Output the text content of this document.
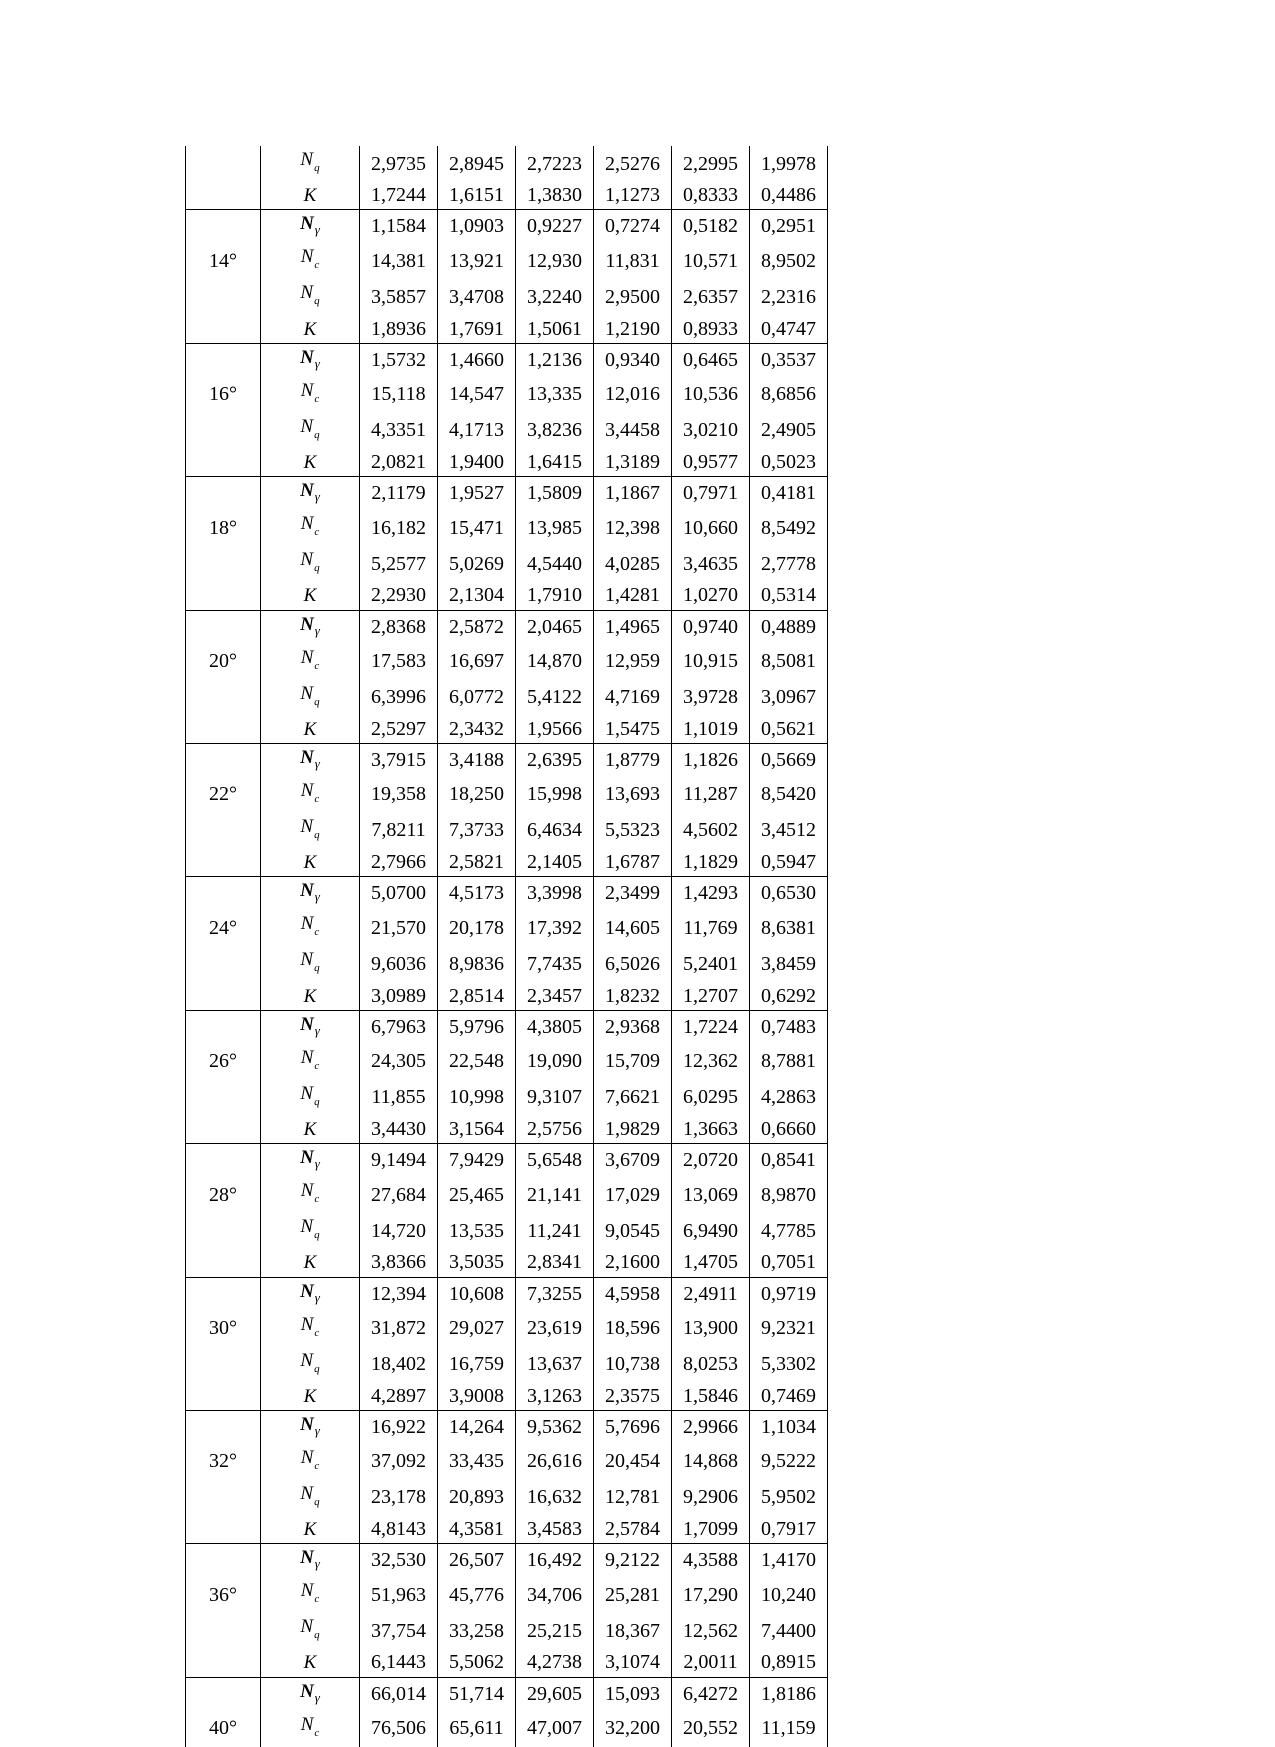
	$N_q$	2,9735	2,8945	2,7223	2,5276	2,2995	1,9978
	K	1,7244	1,6151	1,3830	1,1273	0,8333	0,4486
	$N_\gamma$	1,1584	1,0903	0,9227	0,7274	0,5182	0,2951
14°	$N_c$	14,381	13,921	12,930	11,831	10,571	8,9502
	$N_q$	3,5857	3,4708	3,2240	2,9500	2,6357	2,2316
	K	1,8936	1,7691	1,5061	1,2190	0,8933	0,4747
	$N_\gamma$	1,5732	1,4660	1,2136	0,9340	0,6465	0,3537
16°	$N_c$	15,118	14,547	13,335	12,016	10,536	8,6856
	$N_q$	4,3351	4,1713	3,8236	3,4458	3,0210	2,4905
	K	2,0821	1,9400	1,6415	1,3189	0,9577	0,5023
	$N_\gamma$	2,1179	1,9527	1,5809	1,1867	0,7971	0,4181
18°	$N_c$	16,182	15,471	13,985	12,398	10,660	8,5492
	$N_q$	5,2577	5,0269	4,5440	4,0285	3,4635	2,7778
	K	2,2930	2,1304	1,7910	1,4281	1,0270	0,5314
	$N_\gamma$	2,8368	2,5872	2,0465	1,4965	0,9740	0,4889
20°	$N_c$	17,583	16,697	14,870	12,959	10,915	8,5081
	$N_q$	6,3996	6,0772	5,4122	4,7169	3,9728	3,0967
	K	2,5297	2,3432	1,9566	1,5475	1,1019	0,5621
	$N_\gamma$	3,7915	3,4188	2,6395	1,8779	1,1826	0,5669
22°	$N_c$	19,358	18,250	15,998	13,693	11,287	8,5420
	$N_q$	7,8211	7,3733	6,4634	5,5323	4,5602	3,4512
	K	2,7966	2,5821	2,1405	1,6787	1,1829	0,5947
	$N_\gamma$	5,0700	4,5173	3,3998	2,3499	1,4293	0,6530
24°	$N_c$	21,570	20,178	17,392	14,605	11,769	8,6381
	$N_q$	9,6036	8,9836	7,7435	6,5026	5,2401	3,8459
	K	3,0989	2,8514	2,3457	1,8232	1,2707	0,6292
	$N_\gamma$	6,7963	5,9796	4,3805	2,9368	1,7224	0,7483
26°	$N_c$	24,305	22,548	19,090	15,709	12,362	8,7881
	$N_q$	11,855	10,998	9,3107	7,6621	6,0295	4,2863
	K	3,4430	3,1564	2,5756	1,9829	1,3663	0,6660
	$N_\gamma$	9,1494	7,9429	5,6548	3,6709	2,0720	0,8541
28°	$N_c$	27,684	25,465	21,141	17,029	13,069	8,9870
	$N_q$	14,720	13,535	11,241	9,0545	6,9490	4,7785
	K	3,8366	3,5035	2,8341	2,1600	1,4705	0,7051
	$N_\gamma$	12,394	10,608	7,3255	4,5958	2,4911	0,9719
30°	$N_c$	31,872	29,027	23,619	18,596	13,900	9,2321
	$N_q$	18,402	16,759	13,637	10,738	8,0253	5,3302
	K	4,2897	3,9008	3,1263	2,3575	1,5846	0,7469
	$N_\gamma$	16,922	14,264	9,5362	5,7696	2,9966	1,1034
32°	$N_c$	37,092	33,435	26,616	20,454	14,868	9,5222
	$N_q$	23,178	20,893	16,632	12,781	9,2906	5,9502
	K	4,8143	4,3581	3,4583	2,5784	1,7099	0,7917
	$N_\gamma$	32,530	26,507	16,492	9,2122	4,3588	1,4170
36°	$N_c$	51,963	45,776	34,706	25,281	17,290	10,240
	$N_q$	37,754	33,258	25,215	18,367	12,562	7,4400
	K	6,1443	5,5062	4,2738	3,1074	2,0011	0,8915
	$N_\gamma$	66,014	51,714	29,605	15,093	6,4272	1,8186
40°	$N_c$	76,506	65,611	47,007	32,200	20,552	11,159
